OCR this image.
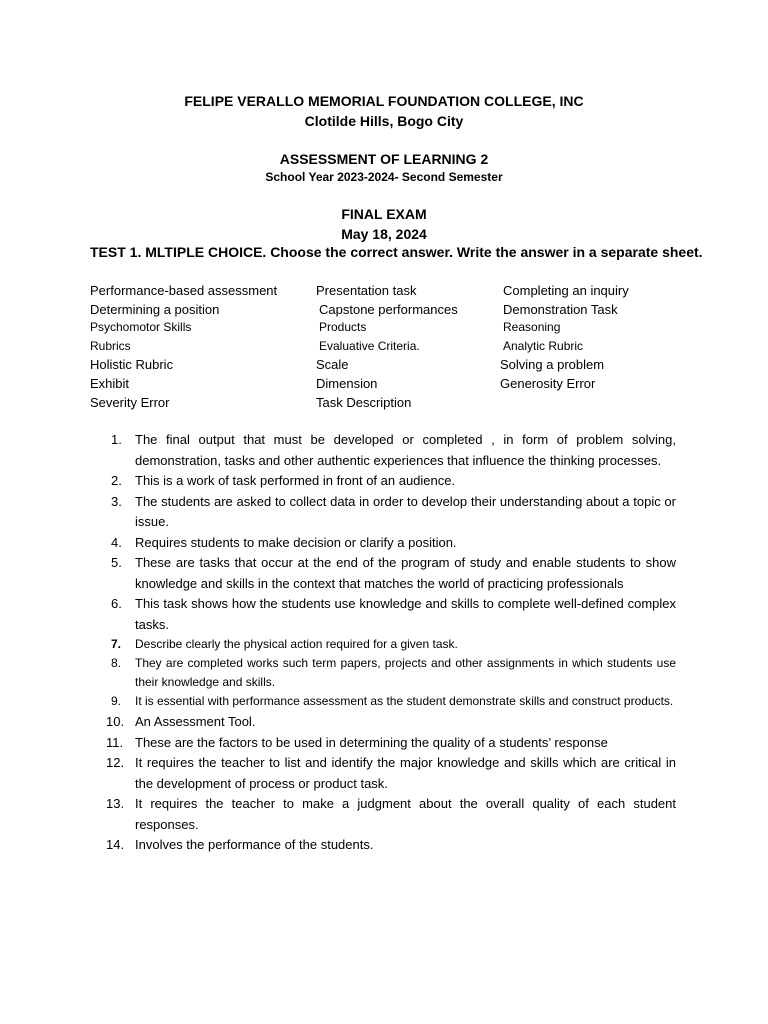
FELIPE VERALLO MEMORIAL FOUNDATION COLLEGE, INC
Clotilde Hills, Bogo City
ASSESSMENT OF LEARNING 2
School Year 2023-2024- Second Semester
FINAL EXAM
May 18, 2024
TEST 1. MLTIPLE CHOICE. Choose the correct answer. Write the answer in a separate sheet.
Performance-based assessment	Presentation task	Completing an inquiry
Determining a position	Capstone performances	Demonstration Task
Psychomotor Skills	Products	Reasoning
Rubrics	Evaluative Criteria.	Analytic Rubric
Holistic Rubric	Scale	Solving a problem
Exhibit	Dimension	Generosity Error
Severity Error	Task Description
1. The final output that must be developed or completed , in form of problem solving, demonstration, tasks and other authentic experiences that influence the thinking processes.
2. This is a work of task performed in front of an audience.
3. The students are asked to collect data in order to develop their understanding about a topic or issue.
4. Requires students to make decision or clarify a position.
5. These are tasks that occur at the end of the program of study and enable students to show knowledge and skills in the context that matches the world of practicing professionals
6. This task shows how the students use knowledge and skills to complete well-defined complex tasks.
7. Describe clearly the physical action required for a given task.
8. They are completed works such term papers, projects and other assignments in which students use their knowledge and skills.
9. It is essential with performance assessment as the student demonstrate skills and construct products.
10. An Assessment Tool.
11. These are the factors to be used in determining the quality of a students’ response
12. It requires the teacher to list and identify the major knowledge and skills which are critical in the development of process or product task.
13. It requires the teacher to make a judgment about the overall quality of each student responses.
14. Involves the performance of the students.
